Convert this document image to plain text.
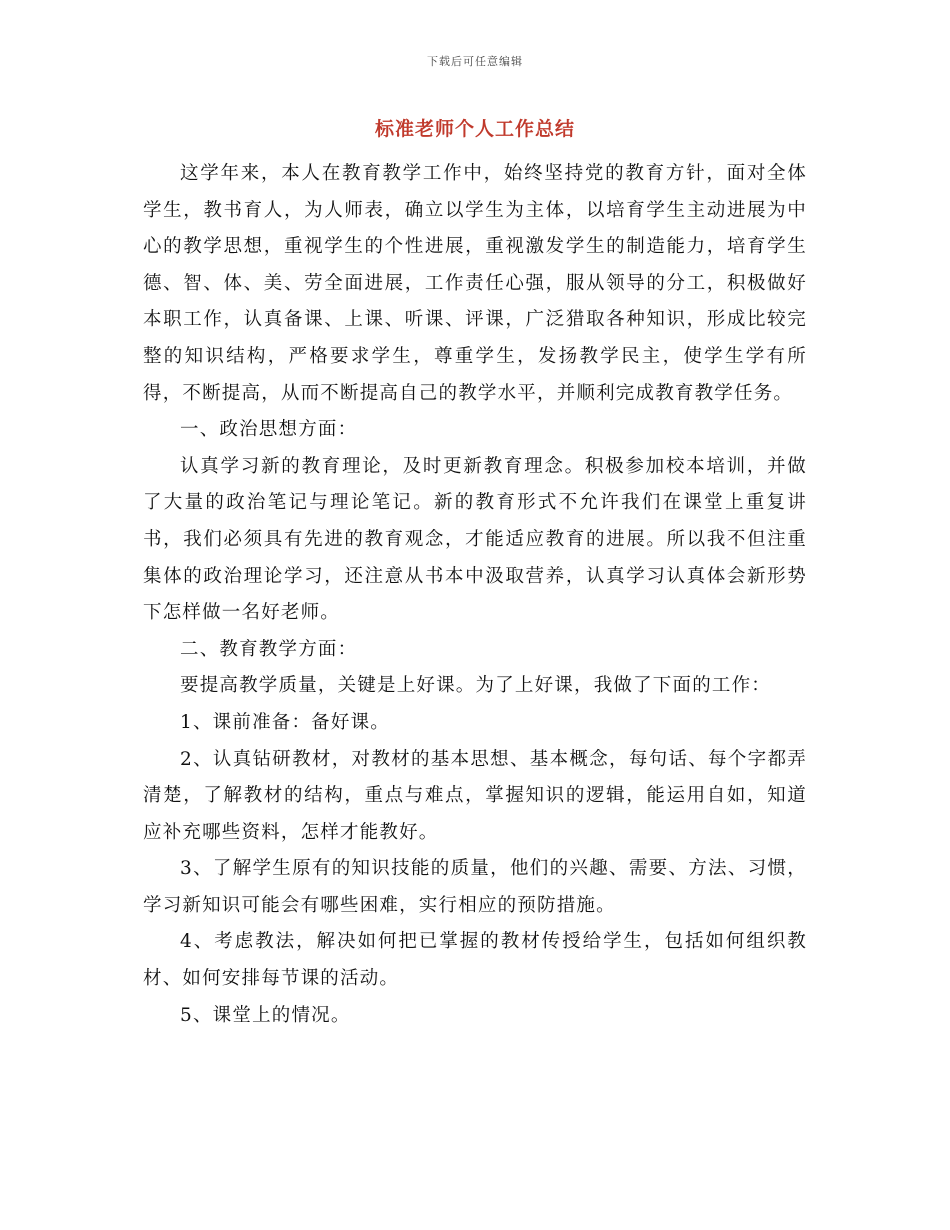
下载后可任意编辑
标准老师个人工作总结

这学年来，本人在教育教学工作中，始终坚持党的教育方针，面对全体学生，教书育人，为人师表，确立以学生为主体，以培育学生主动进展为中心的教学思想，重视学生的个性进展，重视激发学生的制造能力，培育学生德、智、体、美、劳全面进展，工作责任心强，服从领导的分工，积极做好本职工作，认真备课、上课、听课、评课，广泛猎取各种知识，形成比较完整的知识结构，严格要求学生，尊重学生，发扬教学民主，使学生学有所得，不断提高，从而不断提高自己的教学水平，并顺利完成教育教学任务。

一、政治思想方面：

认真学习新的教育理论，及时更新教育理念。积极参加校本培训，并做了大量的政治笔记与理论笔记。新的教育形式不允许我们在课堂上重复讲书，我们必须具有先进的教育观念，才能适应教育的进展。所以我不但注重集体的政治理论学习，还注意从书本中汲取营养，认真学习认真体会新形势下怎样做一名好老师。

二、教育教学方面：

要提高教学质量，关键是上好课。为了上好课，我做了下面的工作：

1、课前准备：备好课。

2、认真钻研教材，对教材的基本思想、基本概念，每句话、每个字都弄清楚，了解教材的结构，重点与难点，掌握知识的逻辑，能运用自如，知道应补充哪些资料，怎样才能教好。

3、了解学生原有的知识技能的质量，他们的兴趣、需要、方法、习惯，学习新知识可能会有哪些困难，实行相应的预防措施。

4、考虑教法，解决如何把已掌握的教材传授给学生，包括如何组织教材、如何安排每节课的活动。

5、课堂上的情况。
